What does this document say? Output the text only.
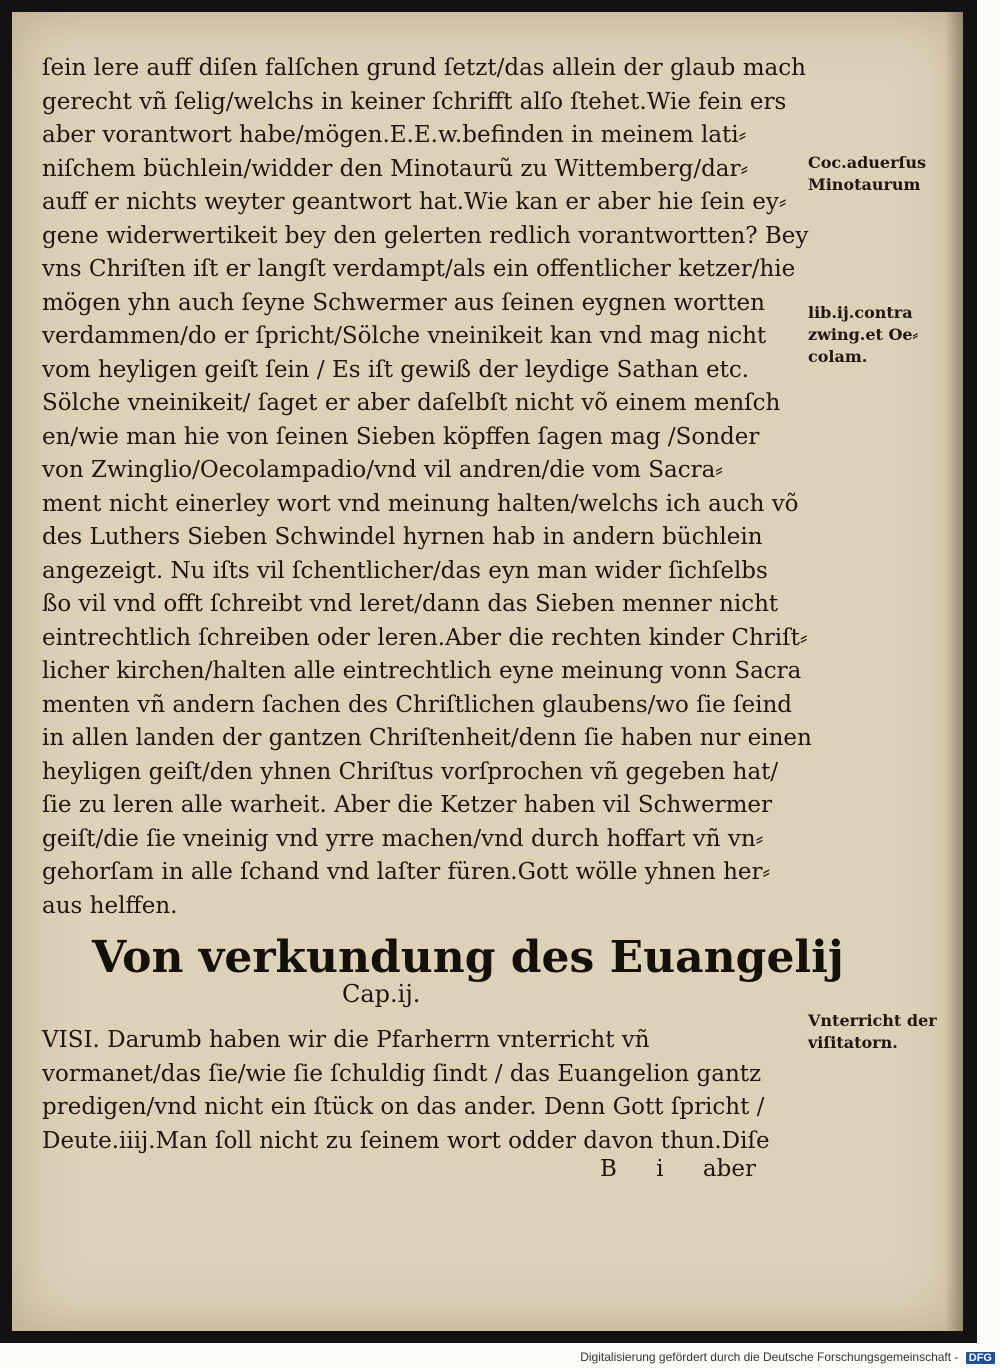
ſein lere auff diſen falſchen grund ſetzt/das allein der glaub mach
gerecht vñ ſelig/welchs in keiner ſchrifft alſo ſtehet.Wie fein ers
aber vorantwort habe/mögen.E.E.w.befinden in meinem lati⸗
niſchem büchlein/widder den Minotaurũ zu Wittemberg/dar⸗
auff er nichts weyter geantwort hat.Wie kan er aber hie ſein ey⸗
gene widerwertikeit bey den gelerten redlich vorantwortten? Bey
vns Chriſten iſt er langſt verdampt/als ein offentlicher ketzer/hie
mögen yhn auch ſeyne Schwermer aus ſeinen eygnen wortten
verdammen/do er ſpricht/Sölche vneinikeit kan vnd mag nicht
vom heyligen geiſt ſein / Es iſt gewiß der leydige Sathan etc.
Sölche vneinikeit/ ſaget er aber daſelbſt nicht võ einem menſch
en/wie man hie von ſeinen Sieben köpffen ſagen mag /Sonder
von Zwinglio/Oecolampadio/vnd vil andren/die vom Sacra⸗
ment nicht einerley wort vnd meinung halten/welchs ich auch võ
des Luthers Sieben Schwindel hyrnen hab in andern büchlein
angezeigt. Nu iſts vil ſchentlicher/das eyn man wider ſichſelbs
ßo vil vnd offt ſchreibt vnd leret/dann das Sieben menner nicht
eintrechtlich ſchreiben oder leren.Aber die rechten kinder Chriſt⸗
licher kirchen/halten alle eintrechtlich eyne meinung vonn Sacra
menten vñ andern ſachen des Chriſtlichen glaubens/wo ſie ſeind
in allen landen der gantzen Chriſtenheit/denn ſie haben nur einen
heyligen geiſt/den yhnen Chriſtus vorſprochen vñ gegeben hat/
ſie zu leren alle warheit. Aber die Ketzer haben vil Schwermer
geiſt/die ſie vneinig vnd yrre machen/vnd durch hoffart vñ vn⸗
gehorſam in alle ſchand vnd laſter füren.Gott wölle yhnen her⸗
aus helffen.
Von verkundung des Euangelij
Cap.ij.
VISI. Darumb haben wir die Pfarherrn vnterricht vñ
vormanet/das ſie/wie ſie ſchuldig ſindt / das Euangelion gantz
predigen/vnd nicht ein ſtück on das ander. Denn Gott ſpricht /
Deute.iiij.Man ſoll nicht zu ſeinem wort odder davon thun.Diſe
B i aber
Coc.aduerſus
Minotaurum
lib.ij.contra
zwing.et Oe⸗
colam.
Vnterricht der
viſitatorn.
Digitalisierung gefördert durch die Deutsche Forschungsgemeinschaft - DFG
